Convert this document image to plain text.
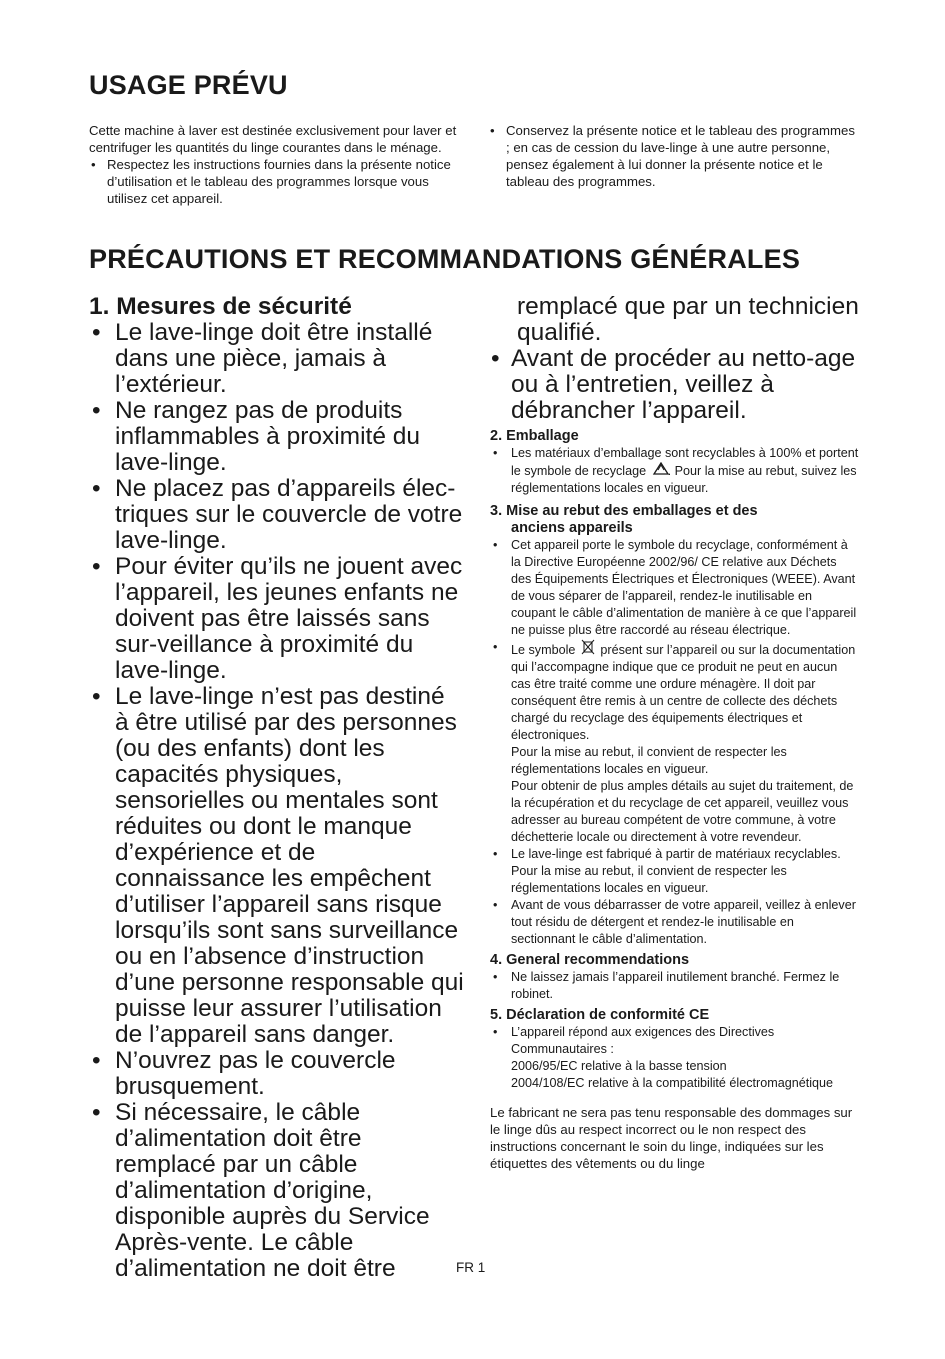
USAGE PRÉVU
Cette machine à laver est destinée exclusivement pour laver et centrifuger les quantités du linge courantes dans le ménage.
• Respectez les instructions fournies dans la présente notice d’utilisation et le tableau des programmes lorsque vous utilisez cet appareil.
• Conservez la présente notice et le tableau des programmes ; en cas de cession du lave-linge à une autre personne, pensez également à lui donner la présente notice et le tableau des programmes.
PRÉCAUTIONS ET RECOMMANDATIONS GÉNÉRALES
1. Mesures de sécurité
• Le lave-linge doit être installé dans une pièce, jamais à l’extérieur.
• Ne rangez pas de produits inflammables à proximité du lave-linge.
• Ne placez pas d’appareils élec-triques sur le couvercle de votre lave-linge.
• Pour éviter qu’ils ne jouent avec l’appareil, les jeunes enfants ne doivent pas être laissés sans sur-veillance à proximité du lave-linge.
• Le lave-linge n’est pas destiné à être utilisé par des personnes (ou des enfants) dont les capacités physiques, sensorielles ou mentales sont réduites ou dont le manque d’expérience et de connaissance les empêchent d’utiliser l’appareil sans risque lorsqu’ils sont sans surveillance ou en l’absence d’instruction d’une personne responsable qui puisse leur assurer l’utilisation de l’appareil sans danger.
• N’ouvrez pas le couvercle brusquement.
• Si nécessaire, le câble d’alimentation doit être remplacé par un câble d’alimentation d’origine, disponible auprès du Service Après-vente. Le câble d’alimentation ne doit être
remplacé que par un technicien qualifié.
• Avant de procéder au netto-age ou à l’entretien, veillez à débrancher l’appareil.
2. Emballage
• Les matériaux d’emballage sont recyclables à 100% et portent le symbole de recyclage . Pour la mise au rebut, suivez les réglementations locales en vigueur.
3. Mise au rebut des emballages et des
anciens appareils
• Cet appareil porte le symbole du recyclage, conformément à la Directive Européenne 2002/96/ CE relative aux Déchets des Équipements Électriques et Électroniques (WEEE). Avant de vous séparer de l’appareil, rendez-le inutilisable en coupant le câble d’alimentation de manière à ce que l’appareil ne puisse plus être raccordé au réseau électrique.
• Le symbole présent sur l’appareil ou sur la documentation qui l’accompagne indique que ce produit ne peut en aucun cas être traité comme une ordure ménagère. Il doit par conséquent être remis à un centre de collecte des déchets chargé du recyclage des équipements électriques et électroniques.
Pour la mise au rebut, il convient de respecter les réglementations locales en vigueur.
Pour obtenir de plus amples détails au sujet du traitement, de la récupération et du recyclage de cet appareil, veuillez vous adresser au bureau compétent de votre commune, à votre déchetterie locale ou directement à votre revendeur.
• Le lave-linge est fabriqué à partir de matériaux recyclables. Pour la mise au rebut, il convient de respecter les réglementations locales en vigueur.
• Avant de vous débarrasser de votre appareil, veillez à enlever tout résidu de détergent et rendez-le inutilisable en sectionnant le câble d’alimentation.
4. General recommendations
• Ne laissez jamais l’appareil inutilement branché. Fermez le robinet.
5. Déclaration de conformité CE
• L’appareil répond aux exigences des Directives Communautaires :
2006/95/EC relative à la basse tension
2004/108/EC relative à la compatibilité électromagnétique
Le fabricant ne sera pas tenu responsable des dommages sur le linge dûs au respect incorrect ou le non respect des instructions concernant le soin du linge, indiquées sur les étiquettes des vêtements ou du linge
FR 1
